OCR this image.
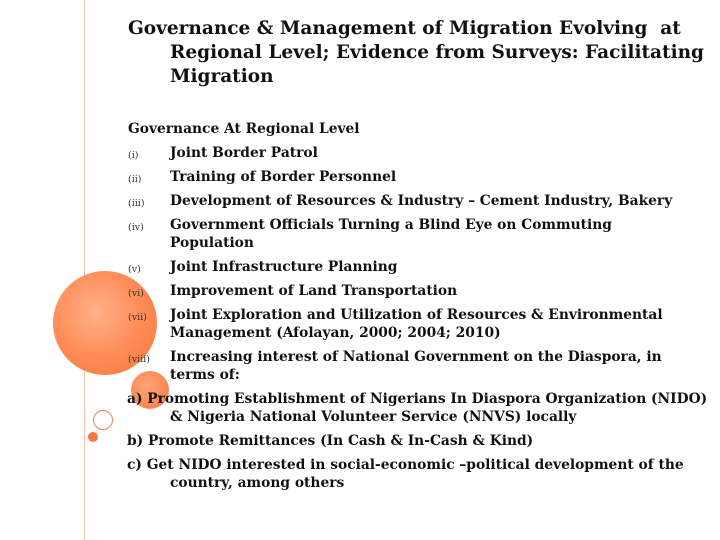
Governance & Management of Migration Evolving  at Regional Level; Evidence from Surveys: Facilitating Migration
Governance At Regional Level
(i) Joint Border Patrol
(ii) Training of Border Personnel
(iii) Development of Resources & Industry – Cement Industry, Bakery
(iv) Government Officials Turning a Blind Eye on Commuting Population
(v) Joint Infrastructure Planning
(vi) Improvement of Land Transportation
(vii) Joint Exploration and Utilization of Resources & Environmental Management (Afolayan, 2000; 2004; 2010)
(viii) Increasing interest of National Government on the Diaspora, in terms of:
a) Promoting Establishment of Nigerians In Diaspora Organization (NIDO) & Nigeria National Volunteer Service (NNVS) locally
b) Promote Remittances (In Cash & In-Cash & Kind)
c) Get NIDO interested in social-economic –political development of the country, among others
